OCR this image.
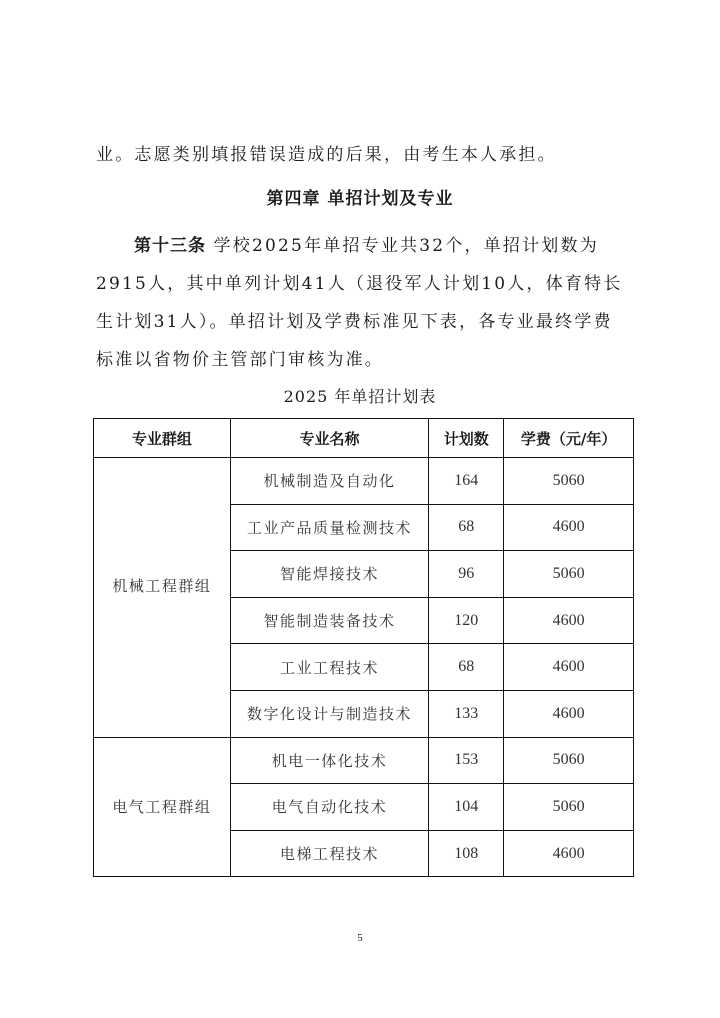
业。志愿类别填报错误造成的后果，由考生本人承担。
第四章 单招计划及专业
第十三条 学校2025年单招专业共32个，单招计划数为
2915人，其中单列计划41人（退役军人计划10人，体育特长
生计划31人）。单招计划及学费标准见下表，各专业最终学费
标准以省物价主管部门审核为准。
2025 年单招计划表
专业群组	专业名称	计划数	学费（元/年）
机械工程群组	机械制造及自动化	164	5060
	工业产品质量检测技术	68	4600
	智能焊接技术	96	5060
	智能制造装备技术	120	4600
	工业工程技术	68	4600
	数字化设计与制造技术	133	4600
电气工程群组	机电一体化技术	153	5060
	电气自动化技术	104	5060
	电梯工程技术	108	4600
5
